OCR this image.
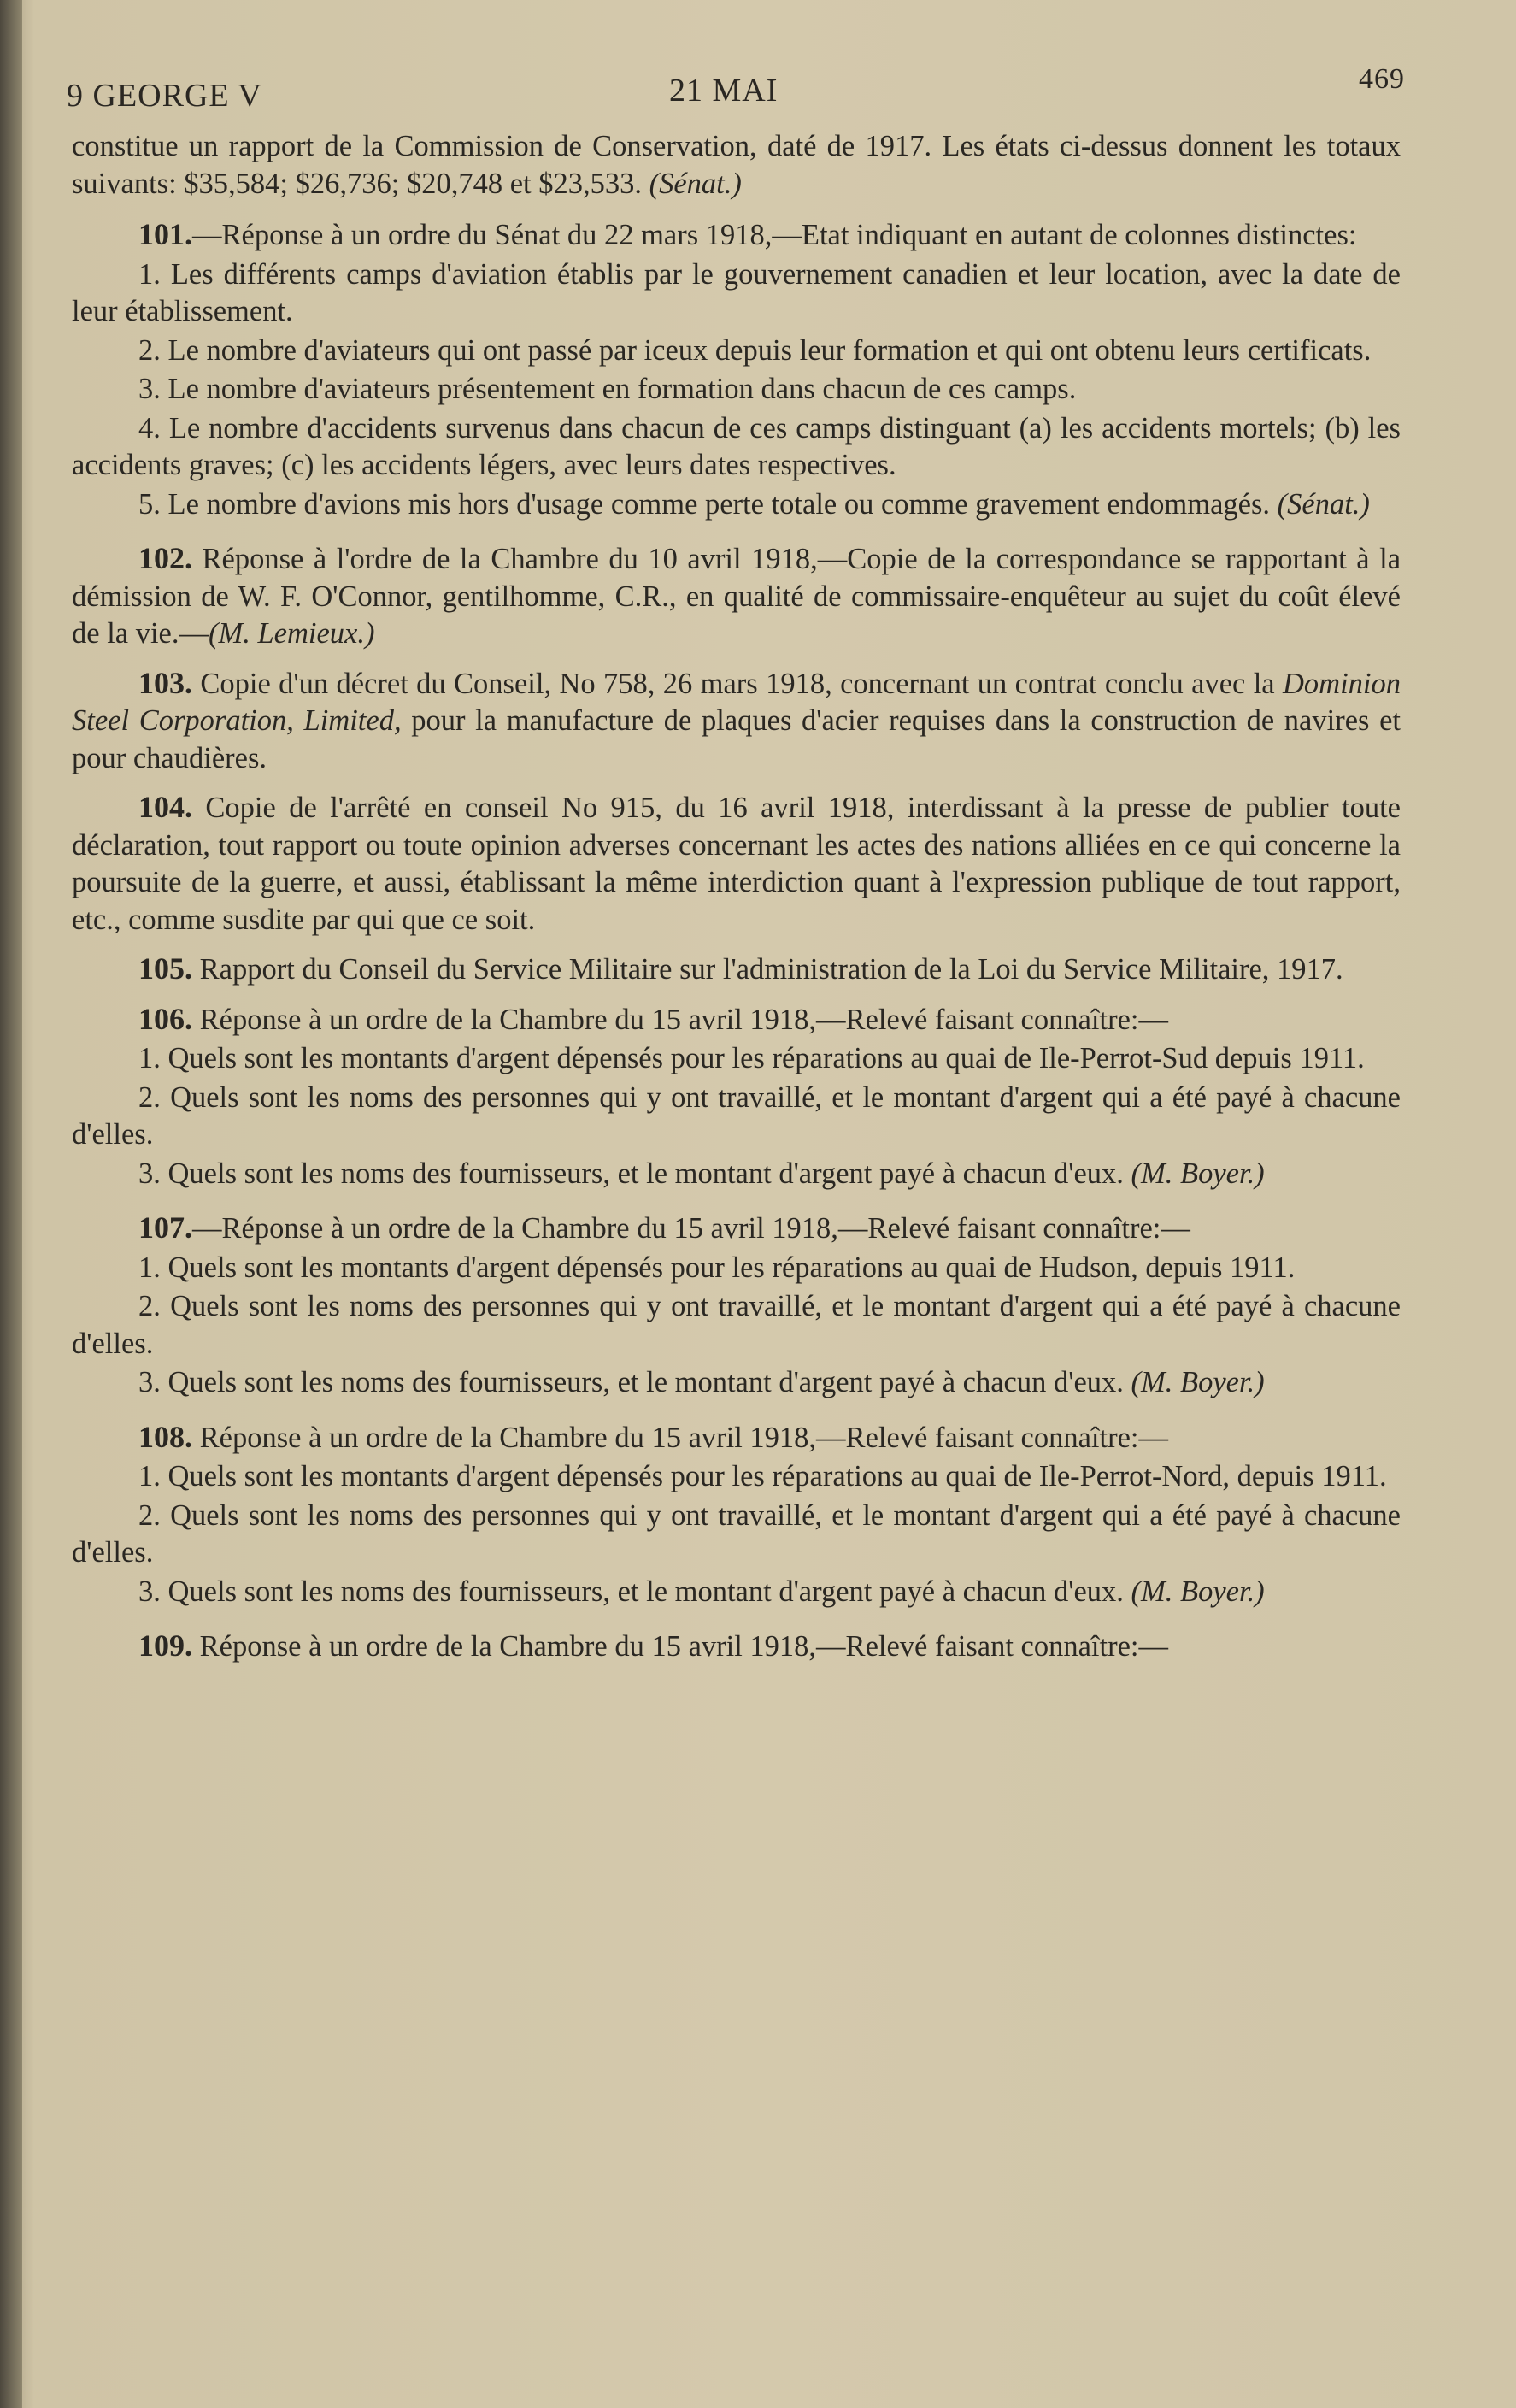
9 GEORGE V	21 MAI	469

constitue un rapport de la Commission de Conservation, daté de 1917. Les états ci-dessus donnent les totaux suivants: $35,584; $26,736; $20,748 et $23,533. (Sénat.)

101.—Réponse à un ordre du Sénat du 22 mars 1918,—Etat indiquant en autant de colonnes distinctes:

1. Les différents camps d'aviation établis par le gouvernement canadien et leur location, avec la date de leur établissement.

2. Le nombre d'aviateurs qui ont passé par iceux depuis leur formation et qui ont obtenu leurs certificats.

3. Le nombre d'aviateurs présentement en formation dans chacun de ces camps.

4. Le nombre d'accidents survenus dans chacun de ces camps distinguant (a) les accidents mortels; (b) les accidents graves; (c) les accidents légers, avec leurs dates respectives.

5. Le nombre d'avions mis hors d'usage comme perte totale ou comme gravement endommagés. (Sénat.)

102. Réponse à l'ordre de la Chambre du 10 avril 1918,—Copie de la correspondance se rapportant à la démission de W. F. O'Connor, gentilhomme, C.R., en qualité de commissaire-enquêteur au sujet du coût élevé de la vie.—(M. Lemieux.)

103. Copie d'un décret du Conseil, No 758, 26 mars 1918, concernant un contrat conclu avec la Dominion Steel Corporation, Limited, pour la manufacture de plaques d'acier requises dans la construction de navires et pour chaudières.

104. Copie de l'arrêté en conseil No 915, du 16 avril 1918, interdissant à la presse de publier toute déclaration, tout rapport ou toute opinion adverses concernant les actes des nations alliées en ce qui concerne la poursuite de la guerre, et aussi, établissant la même interdiction quant à l'expression publique de tout rapport, etc., comme susdite par qui que ce soit.

105. Rapport du Conseil du Service Militaire sur l'administration de la Loi du Service Militaire, 1917.

106. Réponse à un ordre de la Chambre du 15 avril 1918,—Relevé faisant connaître:—

1. Quels sont les montants d'argent dépensés pour les réparations au quai de Ile-Perrot-Sud depuis 1911.

2. Quels sont les noms des personnes qui y ont travaillé, et le montant d'argent qui a été payé à chacune d'elles.

3. Quels sont les noms des fournisseurs, et le montant d'argent payé à chacun d'eux. (M. Boyer.)

107.—Réponse à un ordre de la Chambre du 15 avril 1918,—Relevé faisant connaître:—

1. Quels sont les montants d'argent dépensés pour les réparations au quai de Hudson, depuis 1911.

2. Quels sont les noms des personnes qui y ont travaillé, et le montant d'argent qui a été payé à chacune d'elles.

3. Quels sont les noms des fournisseurs, et le montant d'argent payé à chacun d'eux. (M. Boyer.)

108. Réponse à un ordre de la Chambre du 15 avril 1918,—Relevé faisant connaître:—

1. Quels sont les montants d'argent dépensés pour les réparations au quai de Ile-Perrot-Nord, depuis 1911.

2. Quels sont les noms des personnes qui y ont travaillé, et le montant d'argent qui a été payé à chacune d'elles.

3. Quels sont les noms des fournisseurs, et le montant d'argent payé à chacun d'eux. (M. Boyer.)

109. Réponse à un ordre de la Chambre du 15 avril 1918,—Relevé faisant connaître:—
